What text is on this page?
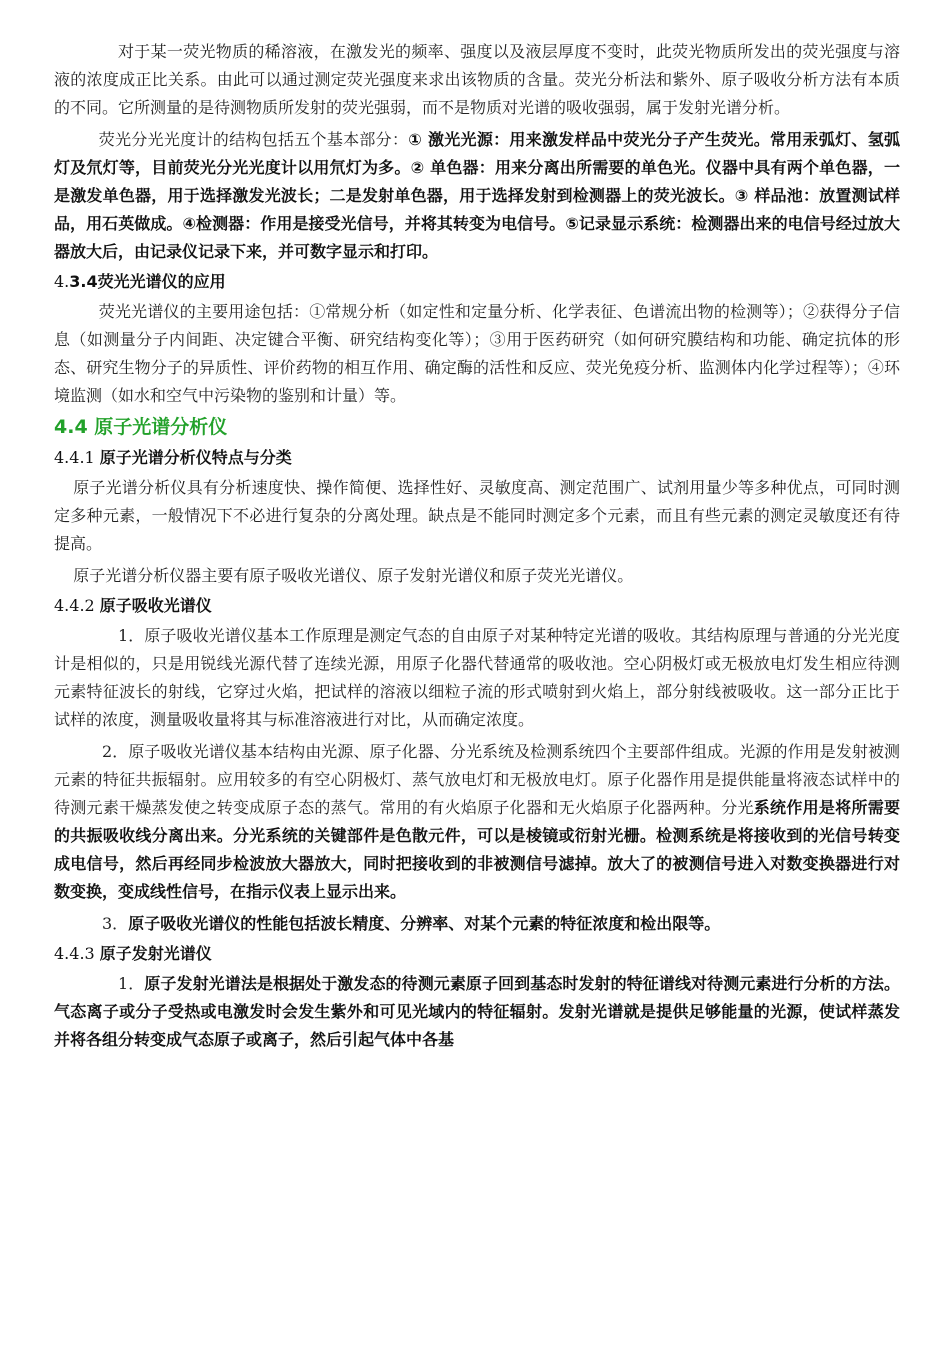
对于某一荧光物质的稀溶液，在激发光的频率、强度以及液层厚度不变时，此荧光物质所发出的荧光强度与溶液的浓度成正比关系。由此可以通过测定荧光强度来求出该物质的含量。荧光分析法和紫外、原子吸收分析方法有本质的不同。它所测量的是待测物质所发射的荧光强弱，而不是物质对光谱的吸收强弱，属于发射光谱分析。

荧光分光光度计的结构包括五个基本部分：① 激光光源：用来激发样品中荧光分子产生荧光。常用汞弧灯、氢弧灯及氘灯等，目前荧光分光光度计以用氘灯为多。② 单色器：用来分离出所需要的单色光。仪器中具有两个单色器，一是激发单色器，用于选择激发光波长；二是发射单色器，用于选择发射到检测器上的荧光波长。③ 样品池：放置测试样品，用石英做成。④检测器：作用是接受光信号，并将其转变为电信号。⑤记录显示系统：检测器出来的电信号经过放大器放大后，由记录仪记录下来，并可数字显示和打印。

4.3.4荧光光谱仪的应用

荧光光谱仪的主要用途包括：①常规分析（如定性和定量分析、化学表征、色谱流出物的检测等）；②获得分子信息（如测量分子内间距、决定键合平衡、研究结构变化等）；③用于医药研究（如何研究膜结构和功能、确定抗体的形态、研究生物分子的异质性、评价药物的相互作用、确定酶的活性和反应、荧光免疫分析、监测体内化学过程等）；④环境监测（如水和空气中污染物的鉴别和计量）等。

4.4 原子光谱分析仪
4.4.1 原子光谱分析仪特点与分类

原子光谱分析仪具有分析速度快、操作简便、选择性好、灵敏度高、测定范围广、试剂用量少等多种优点，可同时测定多种元素，一般情况下不必进行复杂的分离处理。缺点是不能同时测定多个元素，而且有些元素的测定灵敏度还有待提高。

原子光谱分析仪器主要有原子吸收光谱仪、原子发射光谱仪和原子荧光光谱仪。

4.4.2 原子吸收光谱仪

1．原子吸收光谱仪基本工作原理是测定气态的自由原子对某种特定光谱的吸收。其结构原理与普通的分光光度计是相似的，只是用锐线光源代替了连续光源，用原子化器代替通常的吸收池。空心阴极灯或无极放电灯发生相应待测元素特征波长的射线，它穿过火焰，把试样的溶液以细粒子流的形式喷射到火焰上，部分射线被吸收。这一部分正比于试样的浓度，测量吸收量将其与标准溶液进行对比，从而确定浓度。

2．原子吸收光谱仪基本结构由光源、原子化器、分光系统及检测系统四个主要部件组成。光源的作用是发射被测元素的特征共振辐射。应用较多的有空心阴极灯、蒸气放电灯和无极放电灯。原子化器作用是提供能量将液态试样中的待测元素干燥蒸发使之转变成原子态的蒸气。常用的有火焰原子化器和无火焰原子化器两种。分光系统作用是将所需要的共振吸收线分离出来。分光系统的关键部件是色散元件，可以是棱镜或衍射光栅。检测系统是将接收到的光信号转变成电信号，然后再经同步检波放大器放大，同时把接收到的非被测信号滤掉。放大了的被测信号进入对数变换器进行对数变换，变成线性信号，在指示仪表上显示出来。

3．原子吸收光谱仪的性能包括波长精度、分辨率、对某个元素的特征浓度和检出限等。

4.4.3 原子发射光谱仪

1．原子发射光谱法是根据处于激发态的待测元素原子回到基态时发射的特征谱线对待测元素进行分析的方法。气态离子或分子受热或电激发时会发生紫外和可见光域内的特征辐射。发射光谱就是提供足够能量的光源，使试样蒸发并将各组分转变成气态原子或离子，然后引起气体中各基
